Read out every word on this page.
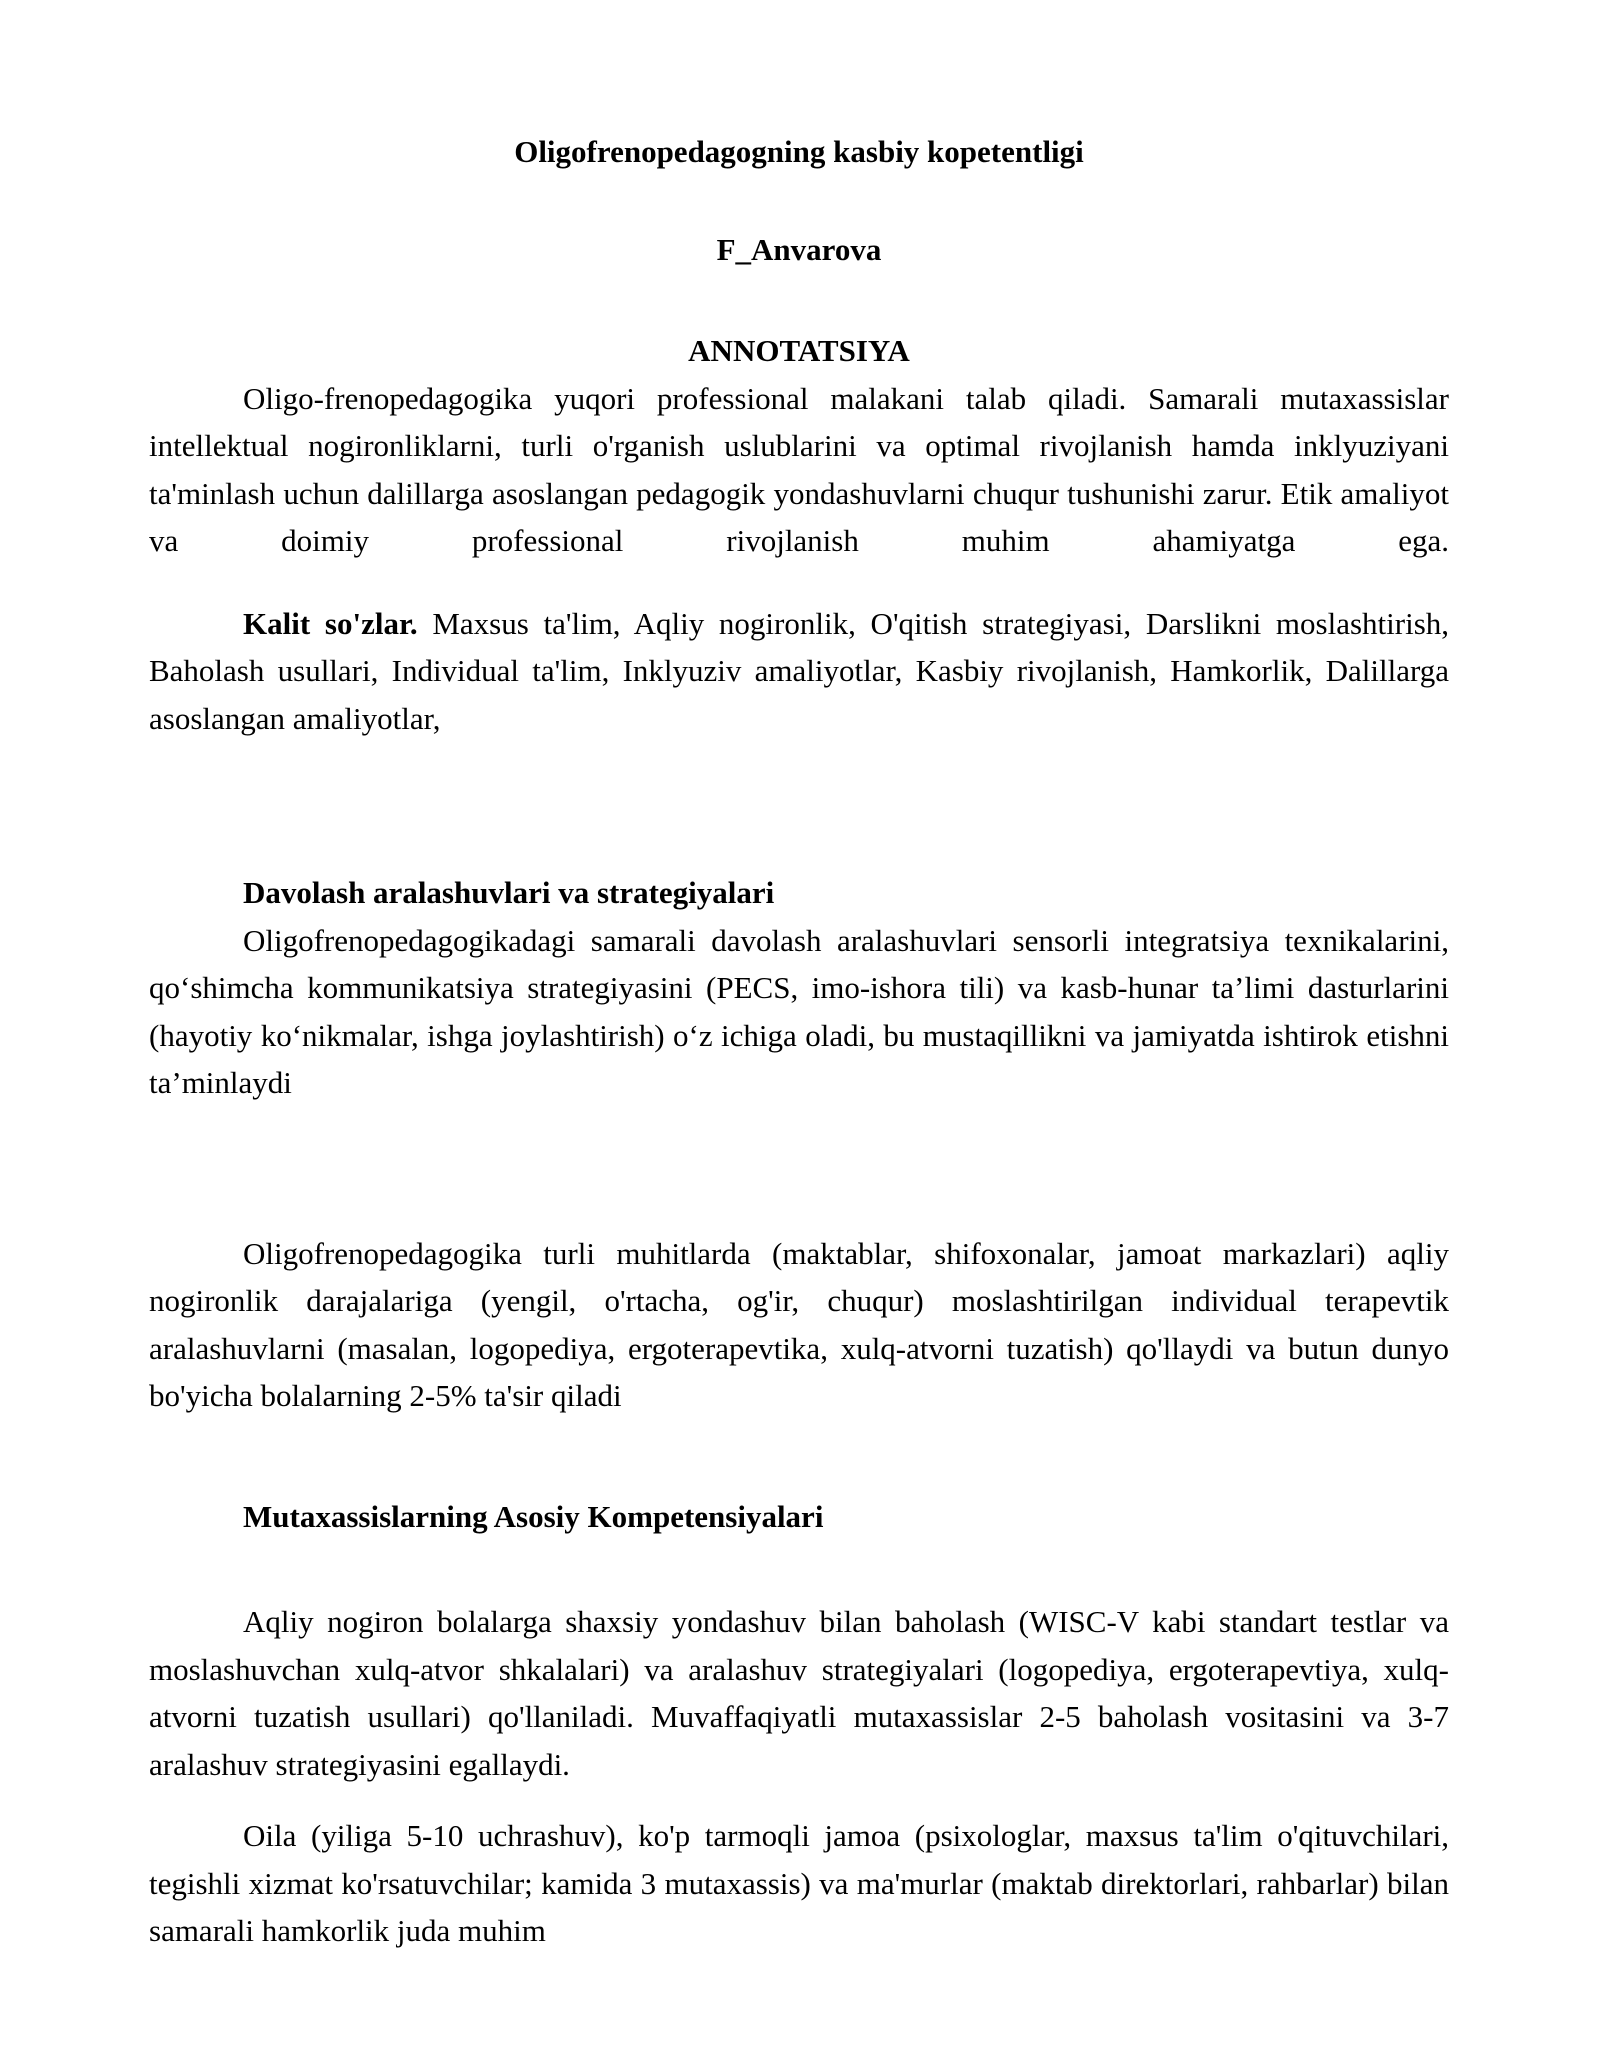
Oligofrenopedagogning kasbiy kopetentligi
F_Anvarova
ANNOTATSIYA

Oligo-frenopedagogika yuqori professional malakani talab qiladi. Samarali mutaxassislar intellektual nogironliklarni, turli o'rganish uslublarini va optimal rivojlanish hamda inklyuziyani ta'minlash uchun dalillarga asoslangan pedagogik yondashuvlarni chuqur tushunishi zarur. Etik amaliyot va doimiy professional rivojlanish muhim ahamiyatga ega.

Kalit so'zlar. Maxsus ta'lim, Aqliy nogironlik, O'qitish strategiyasi, Darslikni moslashtirish, Baholash usullari, Individual ta'lim, Inklyuziv amaliyotlar, Kasbiy rivojlanish, Hamkorlik, Dalillarga asoslangan amaliyotlar,

Davolash aralashuvlari va strategiyalari

Oligofrenopedagogikadagi samarali davolash aralashuvlari sensorli integratsiya texnikalarini, qo‘shimcha kommunikatsiya strategiyasini (PECS, imo-ishora tili) va kasb-hunar ta’limi dasturlarini (hayotiy ko‘nikmalar, ishga joylashtirish) o‘z ichiga oladi, bu mustaqillikni va jamiyatda ishtirok etishni ta’minlaydi

Oligofrenopedagogika turli muhitlarda (maktablar, shifoxonalar, jamoat markazlari) aqliy nogironlik darajalariga (yengil, o'rtacha, og'ir, chuqur) moslashtirilgan individual terapevtik aralashuvlarni (masalan, logopediya, ergoterapevtika, xulq-atvorni tuzatish) qo'llaydi va butun dunyo bo'yicha bolalarning 2-5% ta'sir qiladi

Mutaxassislarning Asosiy Kompetensiyalari

Aqliy nogiron bolalarga shaxsiy yondashuv bilan baholash (WISC-V kabi standart testlar va moslashuvchan xulq-atvor shkalalari) va aralashuv strategiyalari (logopediya, ergoterapevtiya, xulq-atvorni tuzatish usullari) qo'llaniladi. Muvaffaqiyatli mutaxassislar 2-5 baholash vositasini va 3-7 aralashuv strategiyasini egallaydi.

Oila (yiliga 5-10 uchrashuv), ko'p tarmoqli jamoa (psixologlar, maxsus ta'lim o'qituvchilari, tegishli xizmat ko'rsatuvchilar; kamida 3 mutaxassis) va ma'murlar (maktab direktorlari, rahbarlar) bilan samarali hamkorlik juda muhim
